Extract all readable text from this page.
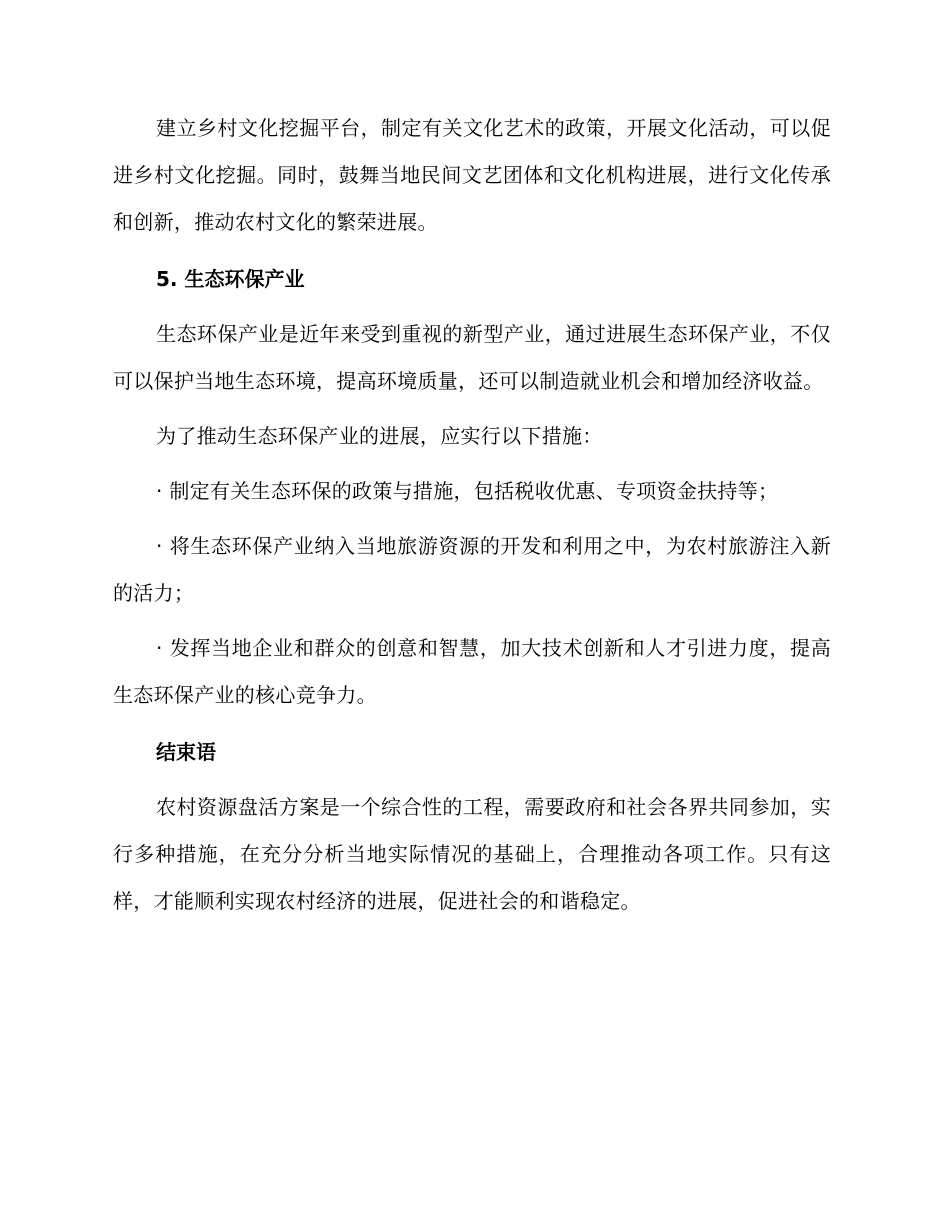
建立乡村文化挖掘平台，制定有关文化艺术的政策，开展文化活动，可以促进乡村文化挖掘。同时，鼓舞当地民间文艺团体和文化机构进展，进行文化传承和创新，推动农村文化的繁荣进展。

5. 生态环保产业

生态环保产业是近年来受到重视的新型产业，通过进展生态环保产业，不仅可以保护当地生态环境，提高环境质量，还可以制造就业机会和增加经济收益。

为了推动生态环保产业的进展，应实行以下措施：

· 制定有关生态环保的政策与措施，包括税收优惠、专项资金扶持等；

· 将生态环保产业纳入当地旅游资源的开发和利用之中，为农村旅游注入新的活力；

· 发挥当地企业和群众的创意和智慧，加大技术创新和人才引进力度，提高生态环保产业的核心竞争力。

结束语

农村资源盘活方案是一个综合性的工程，需要政府和社会各界共同参加，实行多种措施，在充分分析当地实际情况的基础上，合理推动各项工作。只有这样，才能顺利实现农村经济的进展，促进社会的和谐稳定。
